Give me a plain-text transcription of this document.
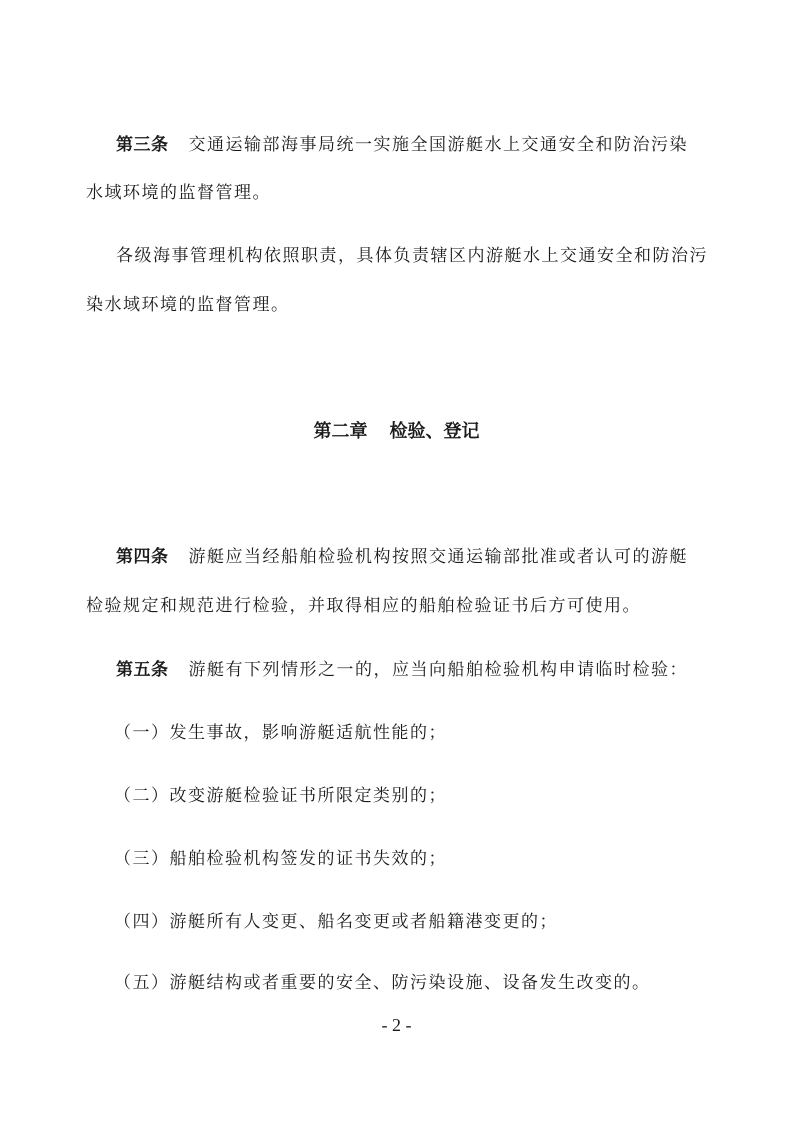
第三条 交通运输部海事局统一实施全国游艇水上交通安全和防治污染
水域环境的监督管理。
各级海事管理机构依照职责，具体负责辖区内游艇水上交通安全和防治污
染水域环境的监督管理。
第二章 检验、登记
第四条 游艇应当经船舶检验机构按照交通运输部批准或者认可的游艇
检验规定和规范进行检验，并取得相应的船舶检验证书后方可使用。
第五条 游艇有下列情形之一的，应当向船舶检验机构申请临时检验：
（一）发生事故，影响游艇适航性能的；
（二）改变游艇检验证书所限定类别的；
（三）船舶检验机构签发的证书失效的；
（四）游艇所有人变更、船名变更或者船籍港变更的；
（五）游艇结构或者重要的安全、防污染设施、设备发生改变的。
- 2 -
